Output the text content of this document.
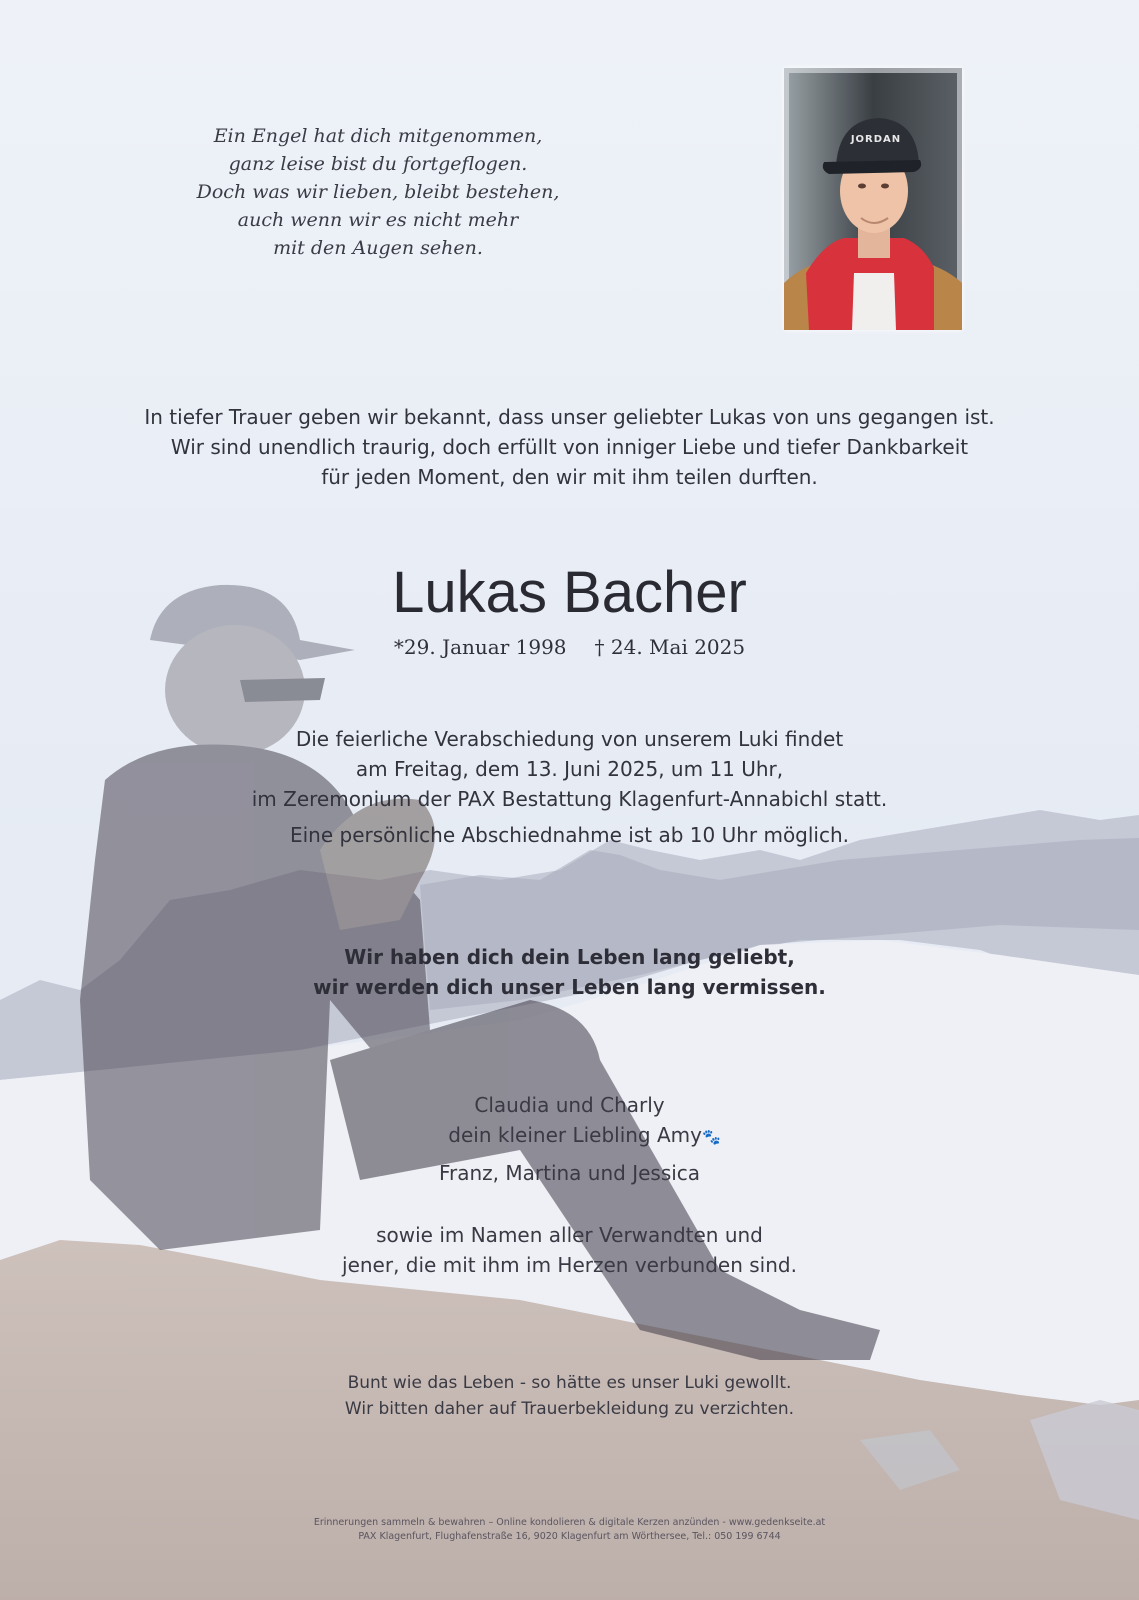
Ein Engel hat dich mitgenommen,
ganz leise bist du fortgeflogen.
Doch was wir lieben, bleibt bestehen,
auch wenn wir es nicht mehr
mit den Augen sehen.
JORDAN
In tiefer Trauer geben wir bekannt, dass unser geliebter Lukas von uns gegangen ist.
Wir sind unendlich traurig, doch erfüllt von inniger Liebe und tiefer Dankbarkeit
für jeden Moment, den wir mit ihm teilen durften.
Lukas Bacher
*29. Januar 1998 † 24. Mai 2025
Die feierliche Verabschiedung von unserem Luki findet
am Freitag, dem 13. Juni 2025, um 11 Uhr,
im Zeremonium der PAX Bestattung Klagenfurt-Annabichl statt.
Eine persönliche Abschiednahme ist ab 10 Uhr möglich.
Wir haben dich dein Leben lang geliebt,
wir werden dich unser Leben lang vermissen.
Claudia und Charly
dein kleiner Liebling Amy🐾
Franz, Martina und Jessica
sowie im Namen aller Verwandten und
jener, die mit ihm im Herzen verbunden sind.
Bunt wie das Leben - so hätte es unser Luki gewollt.
Wir bitten daher auf Trauerbekleidung zu verzichten.
Erinnerungen sammeln & bewahren – Online kondolieren & digitale Kerzen anzünden - www.gedenkseite.at
PAX Klagenfurt, Flughafenstraße 16, 9020 Klagenfurt am Wörthersee, Tel.: 050 199 6744
